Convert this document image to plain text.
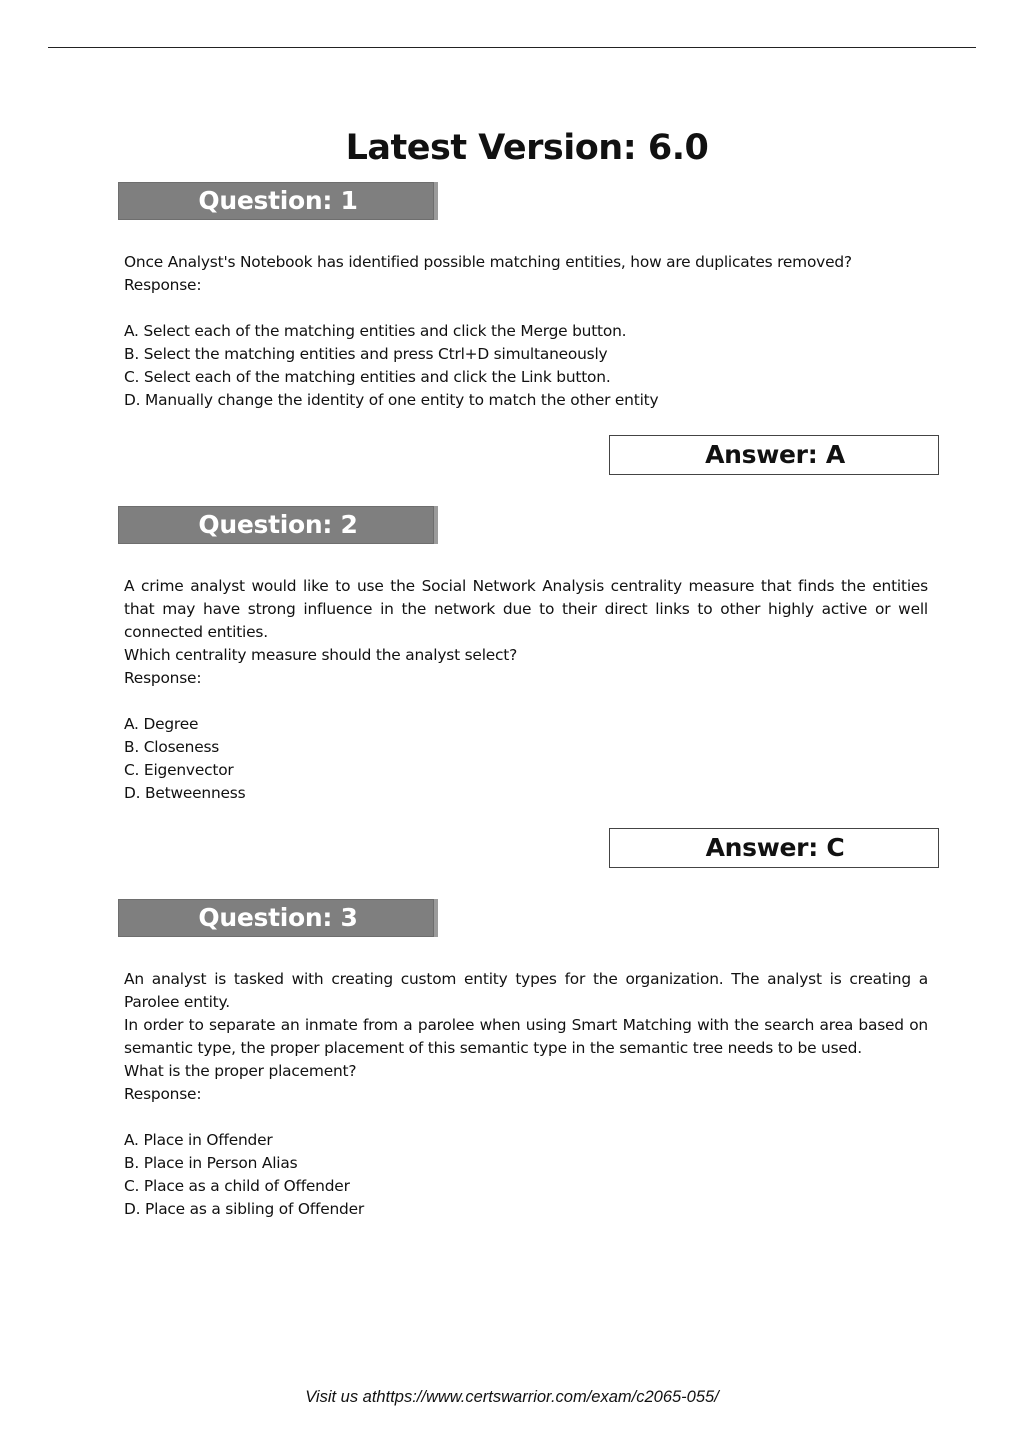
Latest Version: 6.0
Question: 1
Once Analyst's Notebook has identified possible matching entities, how are duplicates removed?
Response:
A. Select each of the matching entities and click the Merge button.
B. Select the matching entities and press Ctrl+D simultaneously
C. Select each of the matching entities and click the Link button.
D. Manually change the identity of one entity to match the other entity
Answer: A
Question: 2
A crime analyst would like to use the Social Network Analysis centrality measure that finds the entities that may have strong influence in the network due to their direct links to other highly active or well connected entities.
Which centrality measure should the analyst select?
Response:
A. Degree
B. Closeness
C. Eigenvector
D. Betweenness
Answer: C
Question: 3
An analyst is tasked with creating custom entity types for the organization. The analyst is creating a Parolee entity.
In order to separate an inmate from a parolee when using Smart Matching with the search area based on semantic type, the proper placement of this semantic type in the semantic tree needs to be used.
What is the proper placement?
Response:
A. Place in Offender
B. Place in Person Alias
C. Place as a child of Offender
D. Place as a sibling of Offender
Visit us athttps://www.certswarrior.com/exam/c2065-055/
